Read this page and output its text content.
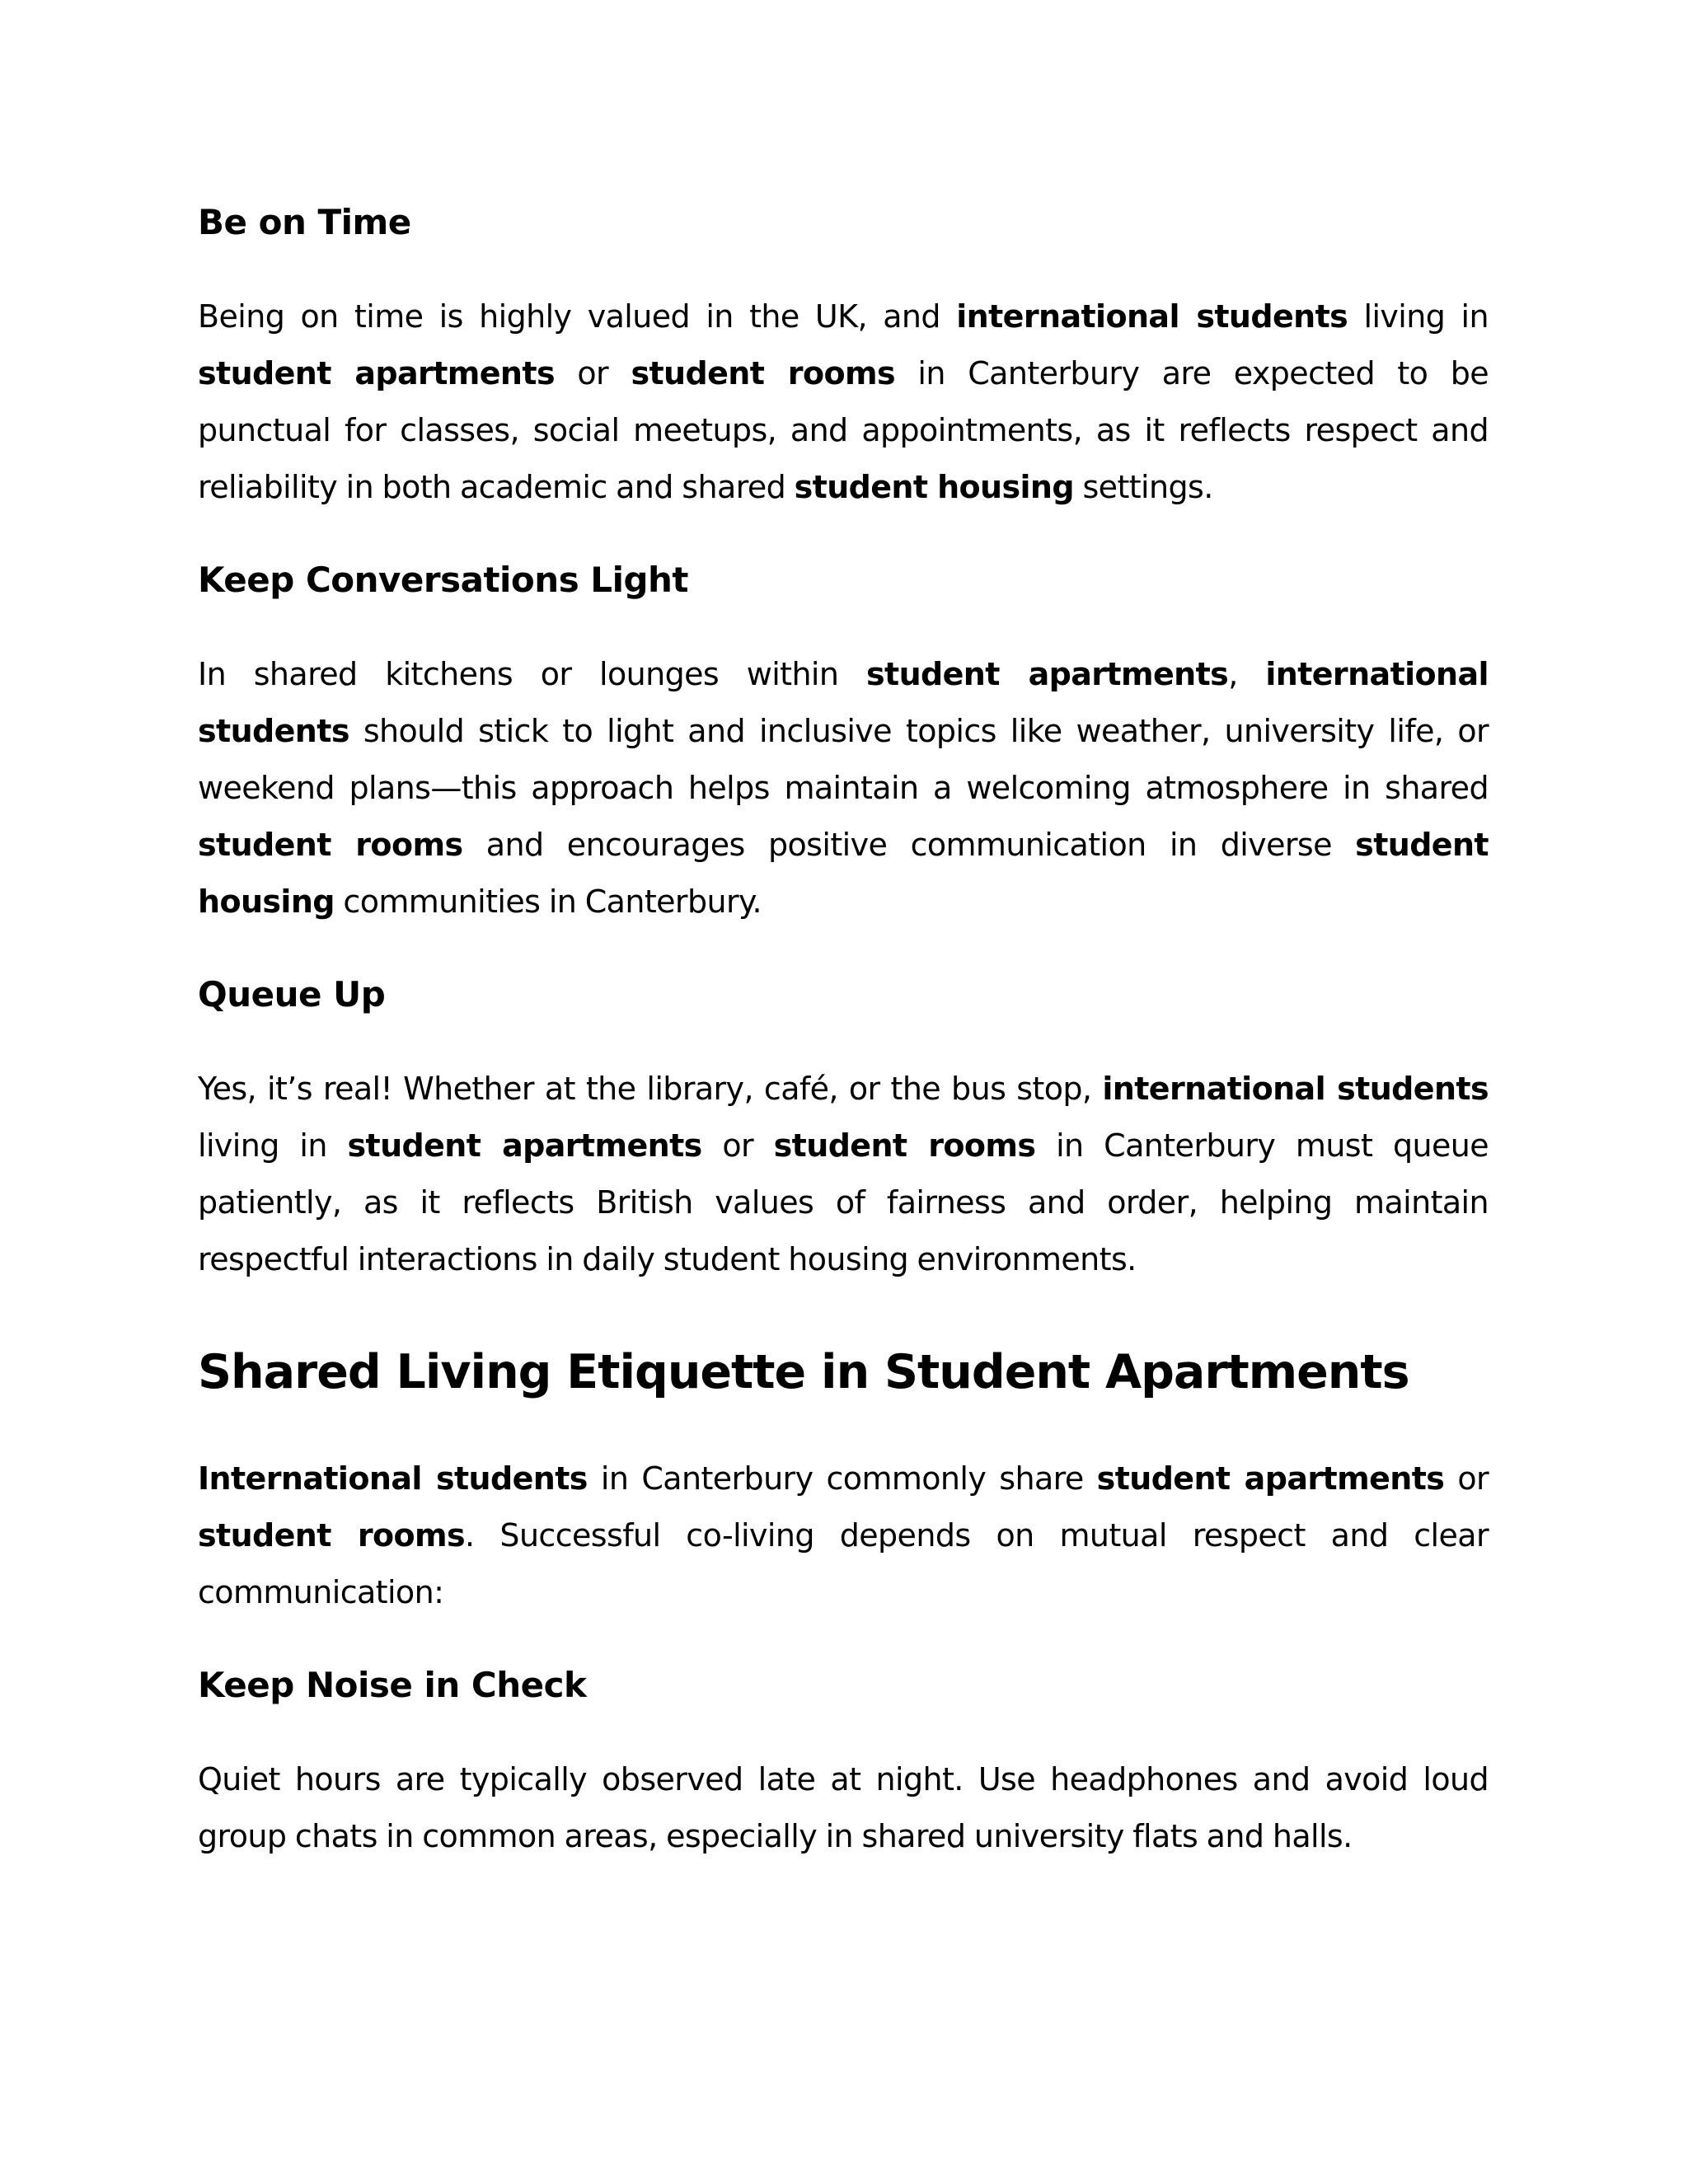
Be on Time

Being on time is highly valued in the UK, and international students living in student apartments or student rooms in Canterbury are expected to be punctual for classes, social meetups, and appointments, as it reflects respect and reliability in both academic and shared student housing settings.

Keep Conversations Light

In shared kitchens or lounges within student apartments, international students should stick to light and inclusive topics like weather, university life, or weekend plans—this approach helps maintain a welcoming atmosphere in shared student rooms and encourages positive communication in diverse student housing communities in Canterbury.

Queue Up

Yes, it’s real! Whether at the library, café, or the bus stop, international students living in student apartments or student rooms in Canterbury must queue patiently, as it reflects British values of fairness and order, helping maintain respectful interactions in daily student housing environments.

Shared Living Etiquette in Student Apartments

International students in Canterbury commonly share student apartments or student rooms. Successful co-living depends on mutual respect and clear communication:

Keep Noise in Check

Quiet hours are typically observed late at night. Use headphones and avoid loud group chats in common areas, especially in shared university flats and halls.
